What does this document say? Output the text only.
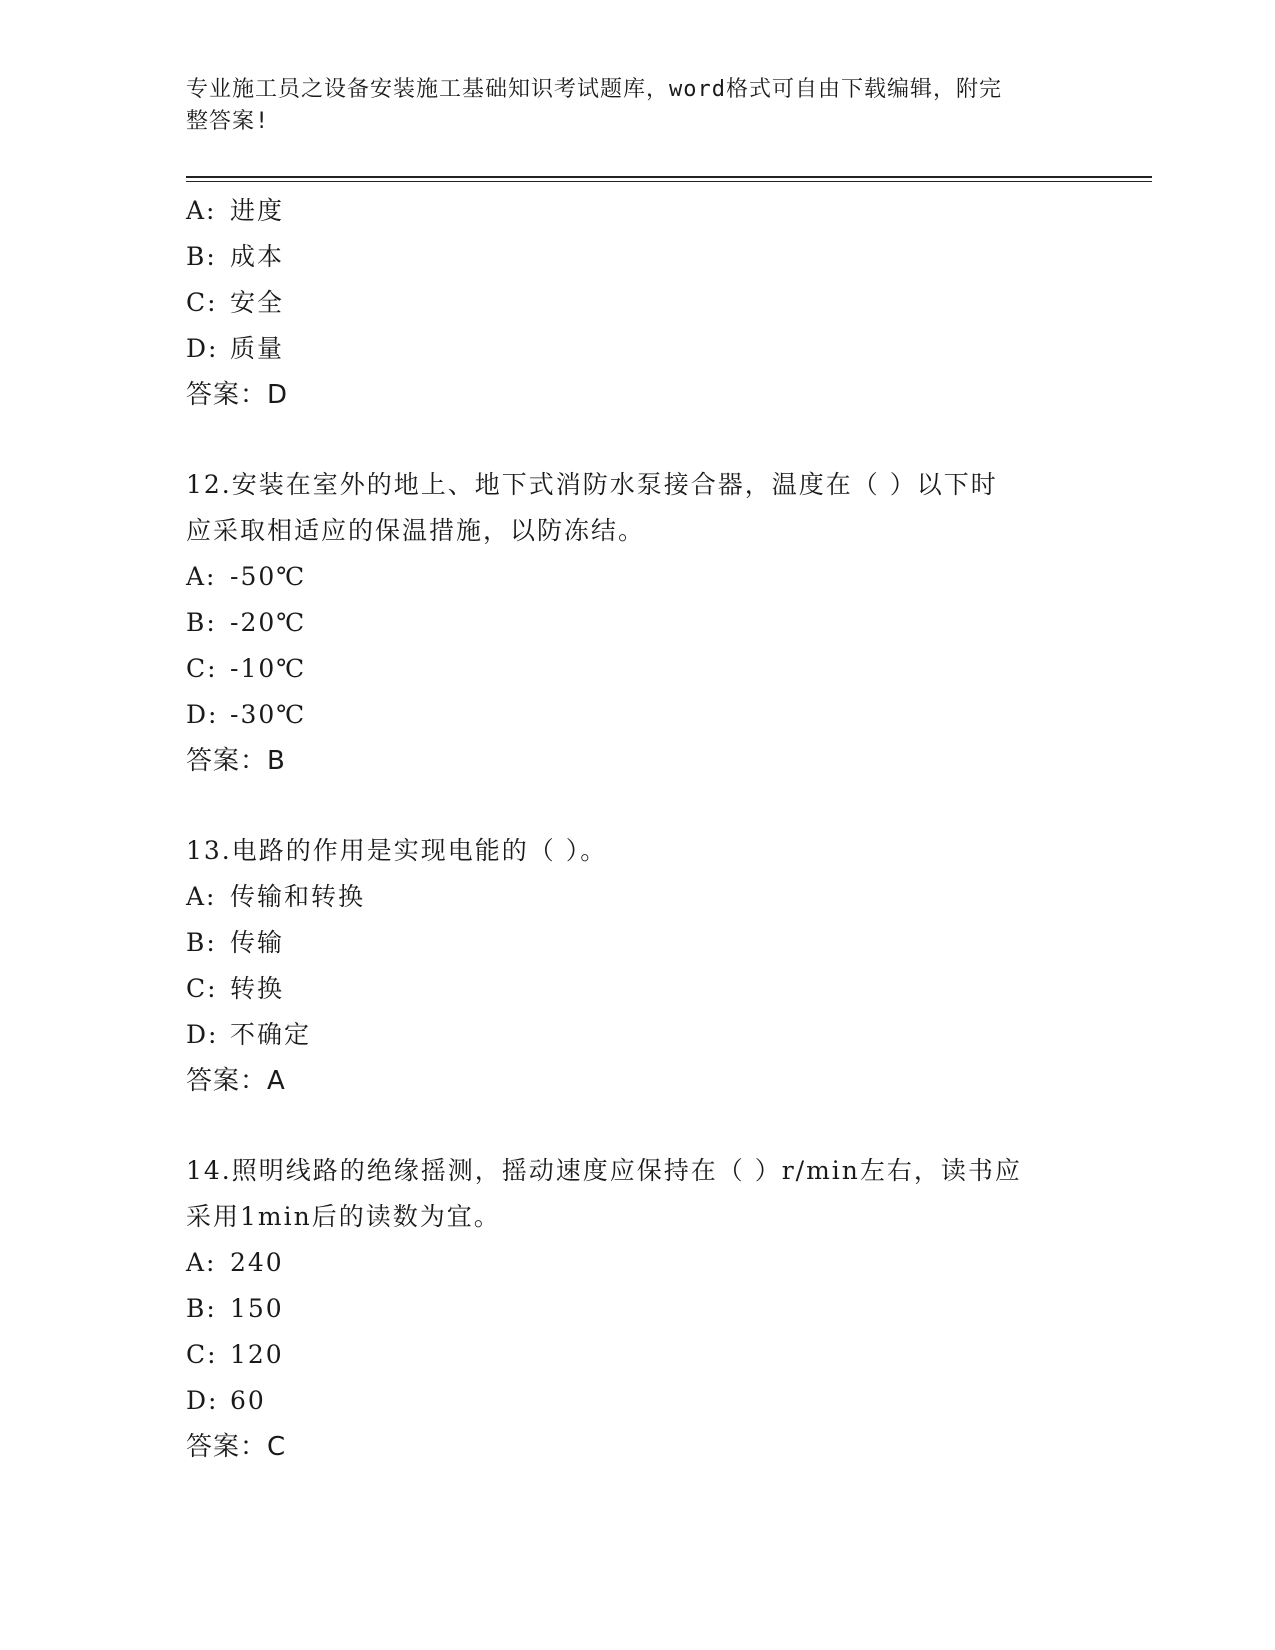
专业施工员之设备安装施工基础知识考试题库，word格式可自由下载编辑，附完
整答案!
A: 进度
B: 成本
C: 安全
D: 质量
答案：D
12.安装在室外的地上、地下式消防水泵接合器，温度在（ ）以下时
应采取相适应的保温措施，以防冻结。
A: -50℃
B: -20℃
C: -10℃
D: -30℃
答案：B
13.电路的作用是实现电能的（ ）。
A: 传输和转换
B: 传输
C: 转换
D: 不确定
答案：A
14.照明线路的绝缘摇测，摇动速度应保持在（ ）r/min左右，读书应
采用1min后的读数为宜。
A: 240
B: 150
C: 120
D: 60
答案：C
